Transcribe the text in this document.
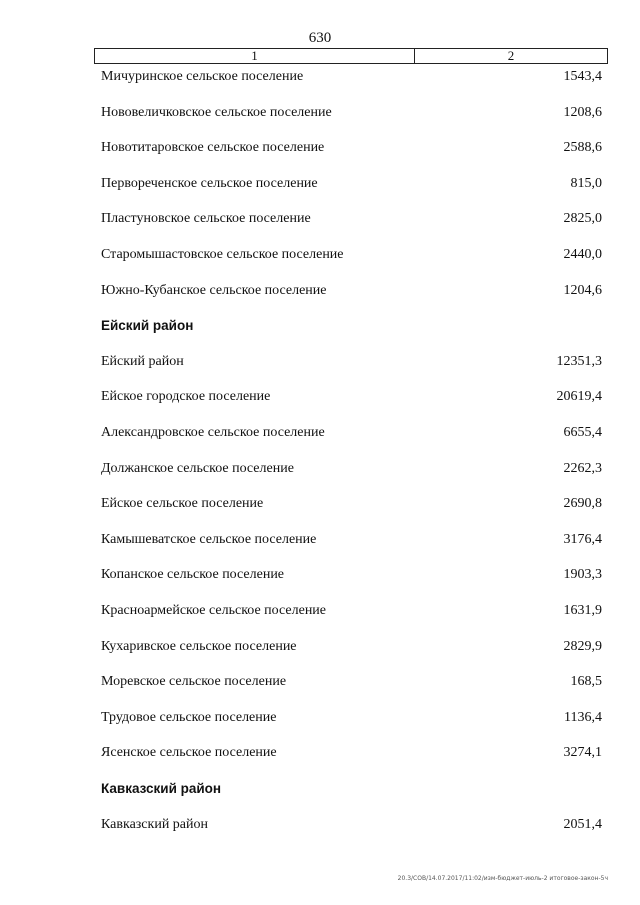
630
1	2
Мичуринское сельское поселение	1543,4
Нововеличковское сельское поселение	1208,6
Новотитаровское сельское поселение	2588,6
Первореченское сельское поселение	815,0
Пластуновское сельское поселение	2825,0
Старомышастовское сельское поселение	2440,0
Южно-Кубанское сельское поселение	1204,6
Ейский район
Ейский район	12351,3
Ейское городское поселение	20619,4
Александровское сельское поселение	6655,4
Должанское сельское поселение	2262,3
Ейское сельское поселение	2690,8
Камышеватское сельское поселение	3176,4
Копанское сельское поселение	1903,3
Красноармейское сельское поселение	1631,9
Кухаривское сельское поселение	2829,9
Моревское сельское поселение	168,5
Трудовое сельское поселение	1136,4
Ясенское сельское поселение	3274,1
Кавказский район
Кавказский район	2051,4
20.3/СОВ/14.07.2017/11:02/изм-бюджет-июль-2 итоговое-закон-5ч
